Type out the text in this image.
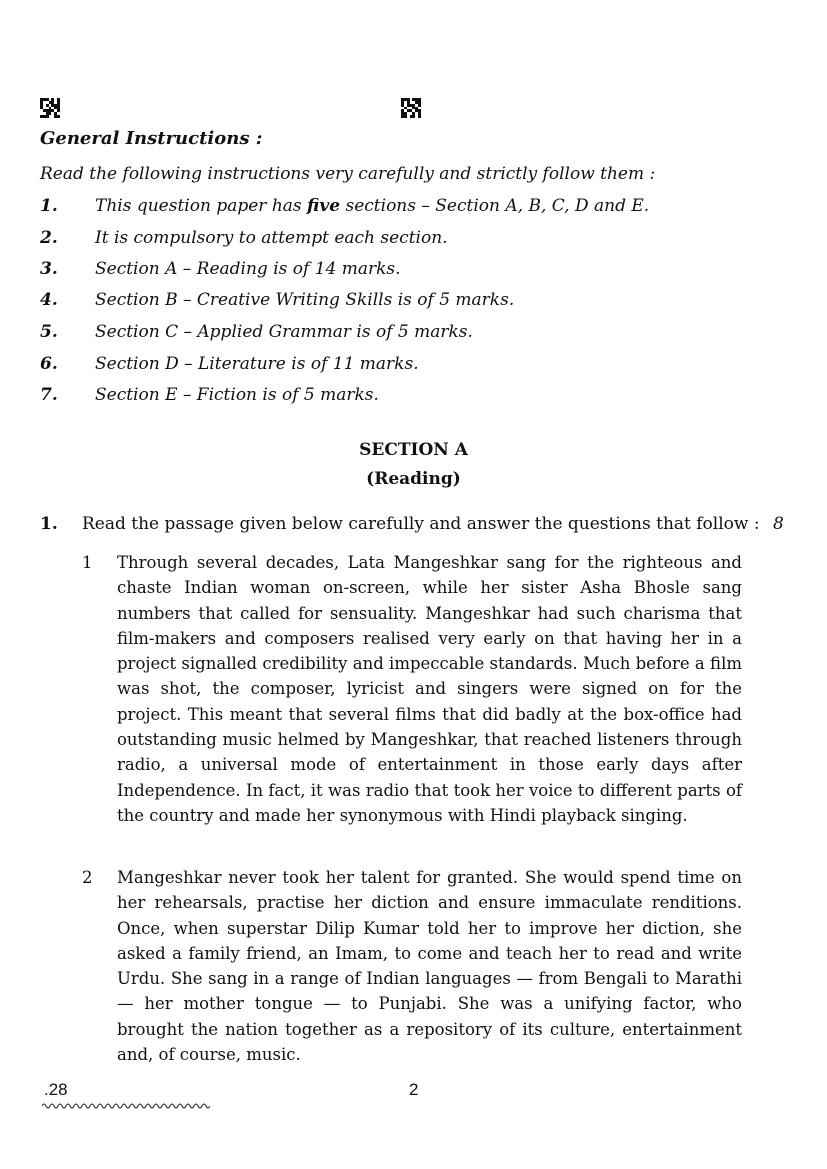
General Instructions :
Read the following instructions very carefully and strictly follow them :
1. This question paper has five sections – Section A, B, C, D and E.
2. It is compulsory to attempt each section.
3. Section A – Reading is of 14 marks.
4. Section B – Creative Writing Skills is of 5 marks.
5. Section C – Applied Grammar is of 5 marks.
6. Section D – Literature is of 11 marks.
7. Section E – Fiction is of 5 marks.
SECTION A
(Reading)
1. Read the passage given below carefully and answer the questions that follow : 8
1 Through several decades, Lata Mangeshkar sang for the righteous and chaste Indian woman on-screen, while her sister Asha Bhosle sang numbers that called for sensuality. Mangeshkar had such charisma that film-makers and composers realised very early on that having her in a project signalled credibility and impeccable standards. Much before a film was shot, the composer, lyricist and singers were signed on for the project. This meant that several films that did badly at the box-office had outstanding music helmed by Mangeshkar, that reached listeners through radio, a universal mode of entertainment in those early days after Independence. In fact, it was radio that took her voice to different parts of the country and made her synonymous with Hindi playback singing.

2 Mangeshkar never took her talent for granted. She would spend time on her rehearsals, practise her diction and ensure immaculate renditions. Once, when superstar Dilip Kumar told her to improve her diction, she asked a family friend, an Imam, to come and teach her to read and write Urdu. She sang in a range of Indian languages — from Bengali to Marathi — her mother tongue — to Punjabi. She was a unifying factor, who brought the nation together as a repository of its culture, entertainment and, of course, music.

.28	2
